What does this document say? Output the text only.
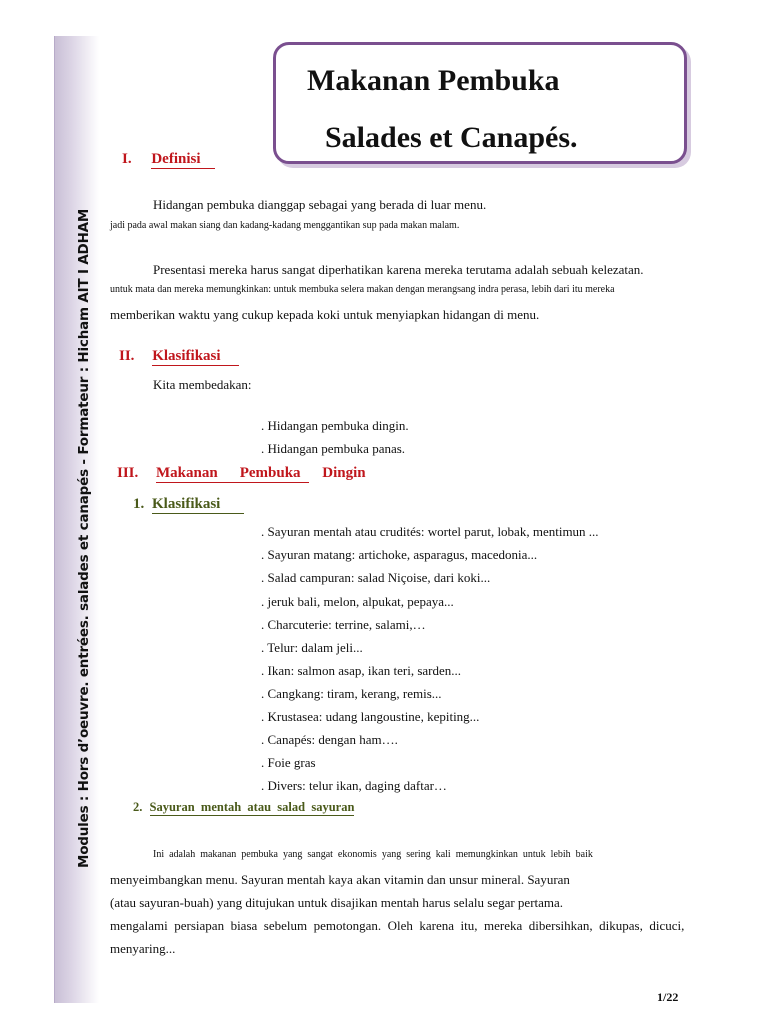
Modules : Hors d’oeuvre. entrées. salades et canapés - Formateur : Hicham AIT I ADHAM
Makanan Pembuka
Salades et Canapés.
I. Definisi
Hidangan pembuka dianggap sebagai yang berada di luar menu.
jadi pada awal makan siang dan kadang-kadang menggantikan sup pada makan malam.
Presentasi mereka harus sangat diperhatikan karena mereka terutama adalah sebuah kelezatan.
untuk mata dan mereka memungkinkan: untuk membuka selera makan dengan merangsang indra perasa, lebih dari itu mereka
memberikan waktu yang cukup kepada koki untuk menyiapkan hidangan di menu.
II. Klasifikasi
Kita membedakan:
. Hidangan pembuka dingin.
. Hidangan pembuka panas.
III. Makanan Pembuka Dingin
1. Klasifikasi
. Sayuran mentah atau crudités: wortel parut, lobak, mentimun ...
. Sayuran matang: artichoke, asparagus, macedonia...
. Salad campuran: salad Niçoise, dari koki...
. jeruk bali, melon, alpukat, pepaya...
. Charcuterie: terrine, salami,…
. Telur: dalam jeli...
. Ikan: salmon asap, ikan teri, sarden...
. Cangkang: tiram, kerang, remis...
. Krustasea: udang langoustine, kepiting...
. Canapés: dengan ham….
. Foie gras
. Divers: telur ikan, daging daftar…
2. Sayuran  mentah  atau  salad  sayuran
Ini  adalah  makanan  pembuka  yang  sangat  ekonomis  yang  sering  kali  memungkinkan  untuk  lebih  baik
menyeimbangkan menu. Sayuran mentah kaya akan vitamin dan unsur mineral. Sayuran
(atau sayuran-buah) yang ditujukan untuk disajikan mentah harus selalu segar pertama.
mengalami  persiapan  biasa  sebelum  pemotongan.  Oleh  karena  itu,  mereka  dibersihkan,  dikupas,  dicuci,
menyaring...
1/22
